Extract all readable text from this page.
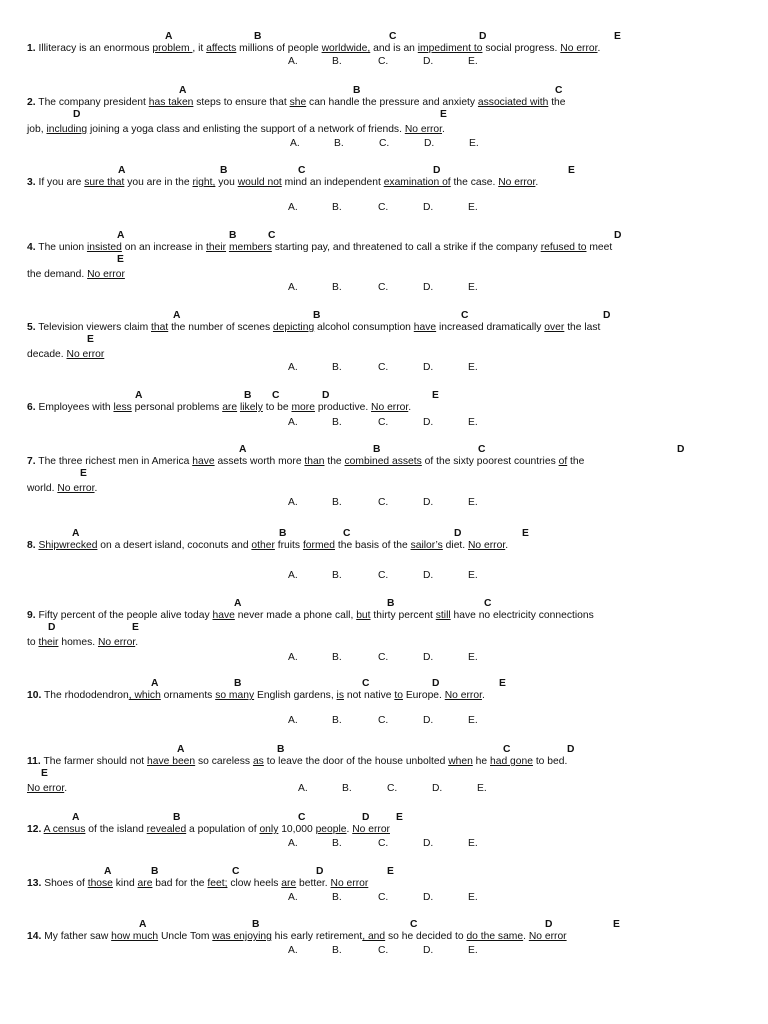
A	B	C	D	E
1. Illiteracy is an enormous problem , it affects millions of people worldwide, and is an impediment to social progress. No error.
A.	B.	C.	D.	E.
A	B	C
2. The company president has taken steps to ensure that she can handle the pressure and anxiety associated with the
D	E
job, including joining a yoga class and enlisting the support of a network of friends. No error.
A.	B.	C.	D.	E.
A	B	C	D	E
3. If you are sure that you are in the right, you would not mind an independent examination of the case. No error.
A.	B.	C.	D.	E.
A	B	C	D
4. The union insisted on an increase in their members starting pay, and threatened to call a strike if the company refused to meet
E
the demand. No error
A.	B.	C.	D.	E.
A	B	C	D
5. Television viewers claim that the number of scenes depicting alcohol consumption have increased dramatically over the last
E
decade. No error
A.	B.	C.	D.	E.
A	B C	D	E
6. Employees with less personal problems are likely to be more productive. No error.
A.	B.	C.	D.	E.
A	B	C	D
7. The three richest men in America have assets worth more than the combined assets of the sixty poorest countries of the
E
world. No error.
A.	B.	C.	D.	E.
A	B	C	D	E
8. Shipwrecked on a desert island, coconuts and other fruits formed the basis of the sailor’s diet. No error.
A.	B.	C.	D.	E.
A	B	C
9. Fifty percent of the people alive today have never made a phone call, but thirty percent still have no electricity connections
D	E
to their homes. No error.
A.	B.	C.	D.	E.
A	B	C	D	E
10. The rhododendron, which ornaments so many English gardens, is not native to Europe. No error.
A.	B.	C.	D.	E.
A	B	C	D
11. The farmer should not have been so careless as to leave the door of the house unbolted when he had gone to bed.
E
No error.	A.	B.	C.	D.	E.
A	B	C	D	E
12. A census of the island revealed a population of only 10,000 people. No error
A.	B.	C.	D.	E.
A	B	C	D	E
13. Shoes of those kind are bad for the feet; clow heels are better. No error
A.	B.	C.	D.	E.
A	B	C	D	E
14. My father saw how much Uncle Tom was enjoying his early retirement, and so he decided to do the same. No error
A.	B.	C.	D.	E.
